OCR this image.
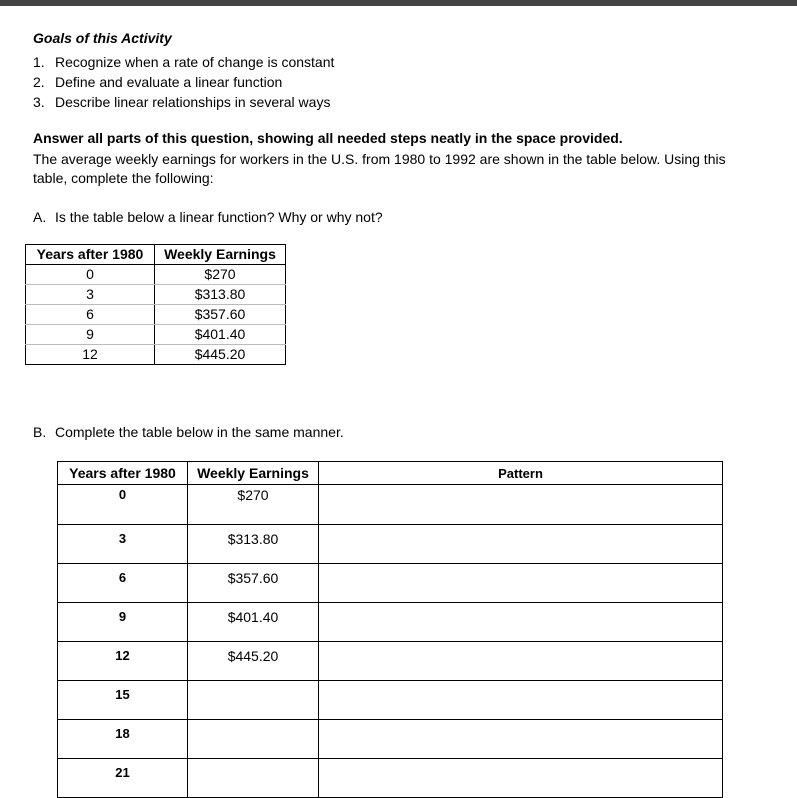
Goals of this Activity
1. Recognize when a rate of change is constant
2. Define and evaluate a linear function
3. Describe linear relationships in several ways
Answer all parts of this question, showing all needed steps neatly in the space provided.
The average weekly earnings for workers in the U.S. from 1980 to 1992 are shown in the table below. Using this table, complete the following:
A. Is the table below a linear function? Why or why not?
Years after 1980	Weekly Earnings
0	$270
3	$313.80
6	$357.60
9	$401.40
12	$445.20
B. Complete the table below in the same manner.
Years after 1980	Weekly Earnings	Pattern
0	$270	
3	$313.80	
6	$357.60	
9	$401.40	
12	$445.20	
15		
18		
21		
